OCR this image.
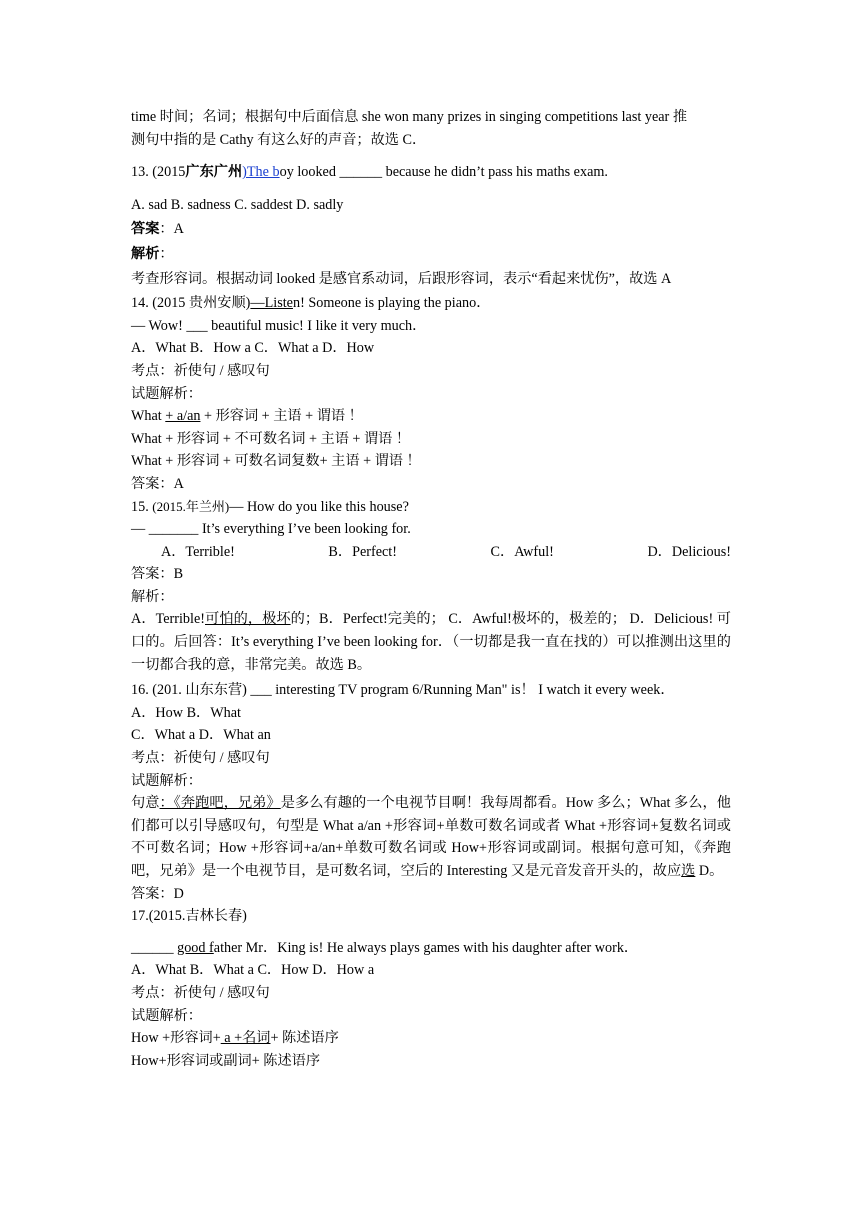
time 时间；名词；根据句中后面信息 she won many prizes in singing competitions last year 推
测句中指的是 Cathy 有这么好的声音；故选 C．
13. (2015广东广州)The boy looked ______ because he didn’t pass his maths exam.
A. sad B. sadness C. saddest D. sadly
答案：A
解析：
考查形容词。根据动词 looked 是感官系动词，后跟形容词，表示“看起来忧伤”，故选 A
14. (2015 贵州安顺)—Listen! Someone is playing the piano．
— Wow! ___ beautiful music! I like it very much．
A．What B．How a C．What a D．How
考点：祈使句 / 感叹句
试题解析：
What + a/an + 形容词 + 主语 + 谓语 ！
What + 形容词 + 不可数名词 + 主语 + 谓语 ！
What + 形容词 + 可数名词复数+ 主语 + 谓语 ！
答案：A
15. (2015.年兰州)— How do you like this house?
— _______ It’s everything I’ve been looking for.
A．Terrible!	B．Perfect!	C．Awful!	D．Delicious!
答案：B
解析：
A．Terrible!可怕的，极坏的；B．Perfect!完美的； C．Awful!极坏的，极差的； D．Delicious! 可口的。后回答：It’s everything I’ve been looking for．（一切都是我一直在找的）可以推测出这里的一切都合我的意，非常完美。故选 B。
16. (201. 山东东营) ___ interesting TV program 6/Running Man" is！ I watch it every week．
A．How B．What
C．What a D．What an
考点：祈使句 / 感叹句
试题解析：
句意：《奔跑吧，兄弟》是多么有趣的一个电视节目啊！我每周都看。How 多么；What 多么，他们都可以引导感叹句，句型是 What a/an +形容词+单数可数名词或者 What +形容词+复数名词或不可数名词；How +形容词+a/an+单数可数名词或 How+形容词或副词。根据句意可知，《奔跑吧，兄弟》是一个电视节目，是可数名词，空后的 Interesting 又是元音发音开头的，故应选 D。
答案：D
17.(2015.吉林长春)
______ good father Mr．King is! He always plays games with his daughter after work．
A．What B．What a C．How D．How a
考点：祈使句 / 感叹句
试题解析：
How +形容词+ a +名词+ 陈述语序
How+形容词或副词+ 陈述语序
